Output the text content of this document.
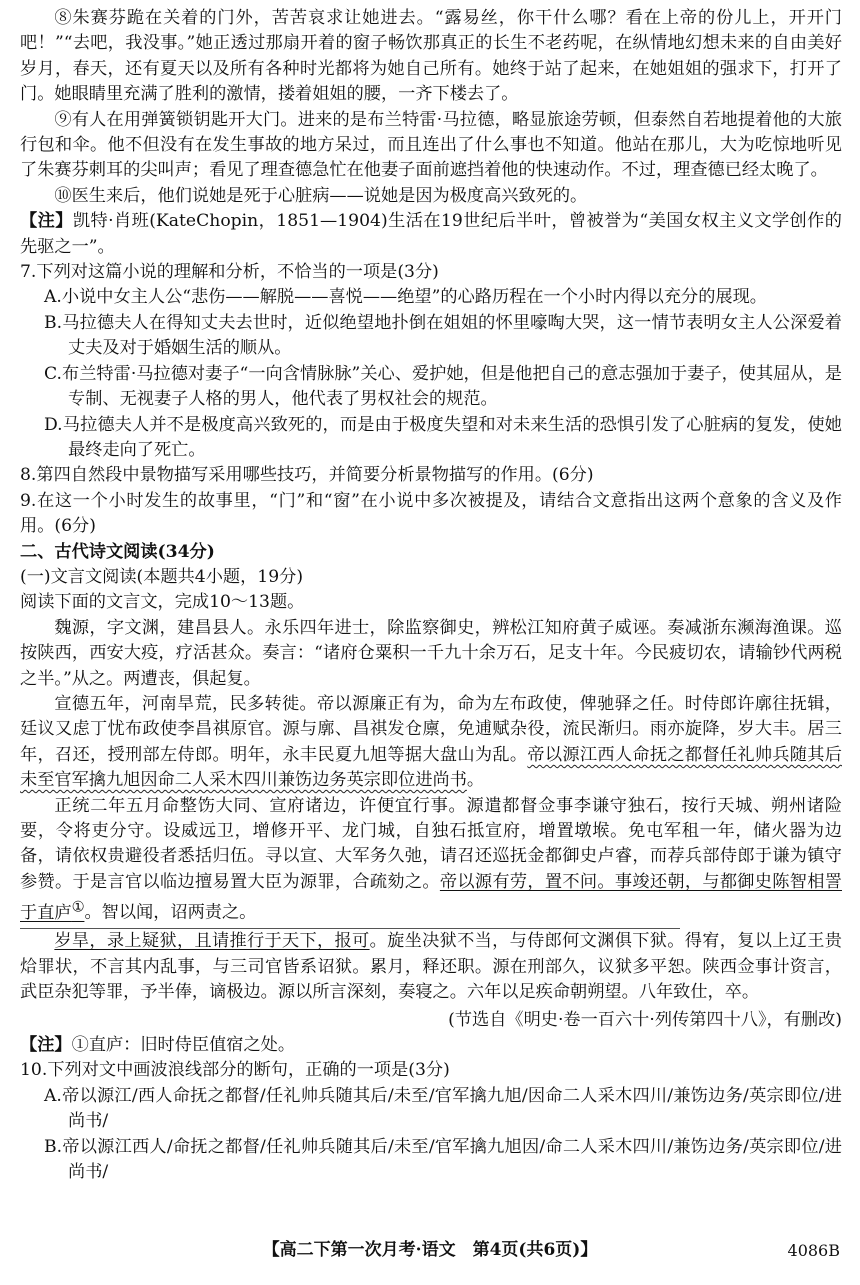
⑧朱赛芬跪在关着的门外，苦苦哀求让她进去。“露易丝，你干什么哪？看在上帝的份儿上，开开门吧！”“去吧，我没事。”她正透过那扇开着的窗子畅饮那真正的长生不老药呢，在纵情地幻想未来的自由美好岁月，春天，还有夏天以及所有各种时光都将为她自己所有。她终于站了起来，在她姐姐的强求下，打开了门。她眼睛里充满了胜利的激情，搂着姐姐的腰，一齐下楼去了。

⑨有人在用弹簧锁钥匙开大门。进来的是布兰特雷·马拉德，略显旅途劳顿，但泰然自若地提着他的大旅行包和伞。他不但没有在发生事故的地方呆过，而且连出了什么事也不知道。他站在那儿，大为吃惊地听见了朱赛芬刺耳的尖叫声；看见了理查德急忙在他妻子面前遮挡着他的快速动作。不过，理查德已经太晚了。

⑩医生来后，他们说她是死于心脏病——说她是因为极度高兴致死的。

【注】凯特·肖班(KateChopin，1851—1904)生活在19世纪后半叶，曾被誉为“美国女权主义文学创作的先驱之一”。

7.下列对这篇小说的理解和分析，不恰当的一项是(3分)

A.小说中女主人公“悲伤——解脱——喜悦——绝望”的心路历程在一个小时内得以充分的展现。

B.马拉德夫人在得知丈夫去世时，近似绝望地扑倒在姐姐的怀里嚎啕大哭，这一情节表明女主人公深爱着丈夫及对于婚姻生活的顺从。

C.布兰特雷·马拉德对妻子“一向含情脉脉”关心、爱护她，但是他把自己的意志强加于妻子，使其屈从，是专制、无视妻子人格的男人，他代表了男权社会的规范。

D.马拉德夫人并不是极度高兴致死的，而是由于极度失望和对未来生活的恐惧引发了心脏病的复发，使她最终走向了死亡。

8.第四自然段中景物描写采用哪些技巧，并简要分析景物描写的作用。(6分)

9.在这一个小时发生的故事里，“门”和“窗”在小说中多次被提及，请结合文意指出这两个意象的含义及作用。(6分)

二、古代诗文阅读(34分)

(一)文言文阅读(本题共4小题，19分)

阅读下面的文言文，完成10～13题。

魏源，字文渊，建昌县人。永乐四年进士，除监察御史，辨松江知府黄子威诬。奏减浙东濒海渔课。巡按陕西，西安大疫，疗活甚众。奏言：“诸府仓粟积一千九十余万石，足支十年。今民疲切农，请输钞代两税之半。”从之。两遭丧，俱起复。

宣德五年，河南旱荒，民多转徙。帝以源廉正有为，命为左布政使，俾驰驿之任。时侍郎许廓往抚辑，廷议又虑丁忧布政使李昌祺原官。源与廓、昌祺发仓廪，免逋赋杂役，流民渐归。雨亦旋降，岁大丰。居三年，召还，授刑部左侍郎。明年，永丰民夏九旭等据大盘山为乱。帝以源江西人命抚之都督任礼帅兵随其后未至官军擒九旭因命二人采木四川兼饬边务英宗即位进尚书。

正统二年五月命整饬大同、宣府诸边，许便宜行事。源遣都督佥事李谦守独石，按行天城、朔州诸险要，令将吏分守。设威远卫，增修开平、龙门城，自独石抵宣府，增置墩堠。免屯军租一年，储火器为边备，请依权贵避役者悉括归伍。寻以宣、大军务久弛，请召还巡抚金都御史卢睿，而荐兵部侍郎于谦为镇守参赞。于是言官以临边擅易置大臣为源罪，合疏劾之。帝以源有劳，置不问。事竣还朝，与都御史陈智相詈于直庐①。智以闻，诏两责之。

岁旱，录上疑狱，且请推行于天下，报可。旋坐决狱不当，与侍郎何文渊俱下狱。得宥，复以上辽王贵烚罪状，不言其内乱事，与三司官皆系诏狱。累月，释还职。源在刑部久，议狱多平恕。陕西佥事计资言，武臣杂犯等罪，予半俸，谪极边。源以所言深刻，奏寝之。六年以足疾命朝朔望。八年致仕，卒。

(节选自《明史·卷一百六十·列传第四十八》，有删改)

【注】①直庐：旧时侍臣值宿之处。

10.下列对文中画波浪线部分的断句，正确的一项是(3分)

A.帝以源江/西人命抚之都督/任礼帅兵随其后/未至/官军擒九旭/因命二人采木四川/兼饬边务/英宗即位/进尚书/

B.帝以源江西人/命抚之都督/任礼帅兵随其后/未至/官军擒九旭因/命二人采木四川/兼饬边务/英宗即位/进尚书/

【高二下第一次月考·语文　第4页(共6页)】	4086B
